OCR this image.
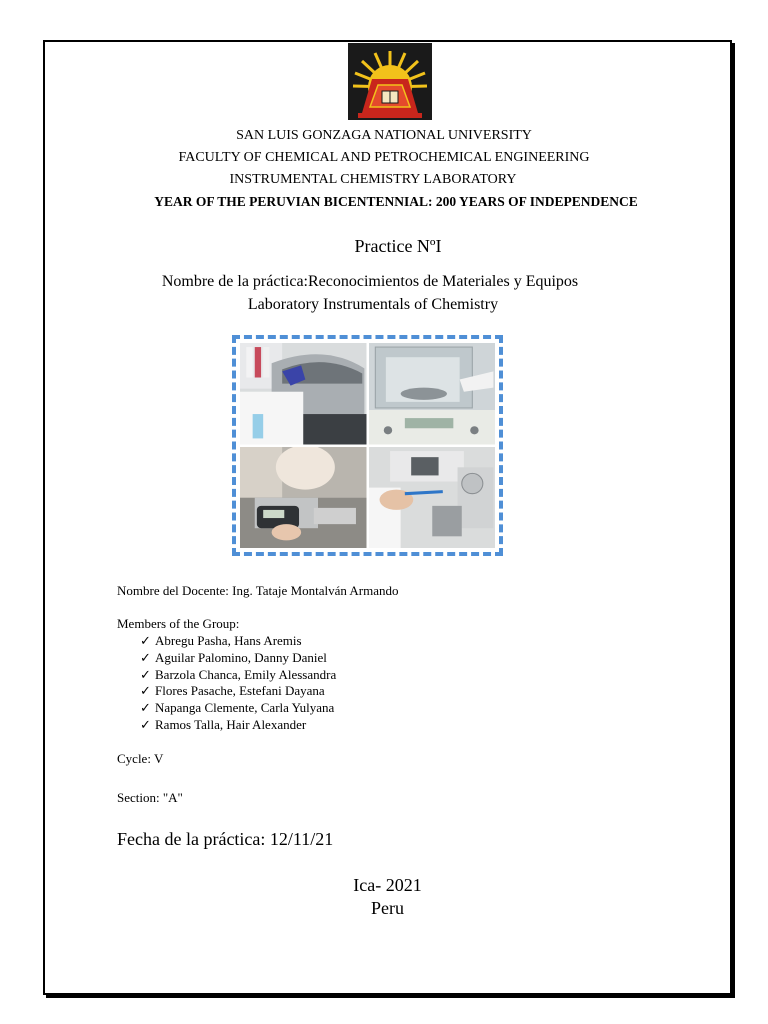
SAN LUIS GONZAGA NATIONAL UNIVERSITY
FACULTY OF CHEMICAL AND PETROCHEMICAL ENGINEERING
INSTRUMENTAL CHEMISTRY LABORATORY
YEAR OF THE PERUVIAN BICENTENNIAL: 200 YEARS OF INDEPENDENCE
Practice NºI
Nombre de la práctica:Reconocimientos de Materiales y Equipos
Laboratory Instrumentals of Chemistry
Nombre del Docente: Ing. Tataje Montalván Armando
Members of the Group:
✓ Abregu Pasha, Hans Aremis
✓ Aguilar Palomino, Danny Daniel
✓ Barzola Chanca, Emily Alessandra
✓ Flores Pasache, Estefani Dayana
✓ Napanga Clemente, Carla Yulyana
✓ Ramos Talla, Hair Alexander
Cycle: V
Section: "A"
Fecha de la práctica: 12/11/21
Ica- 2021
Peru
